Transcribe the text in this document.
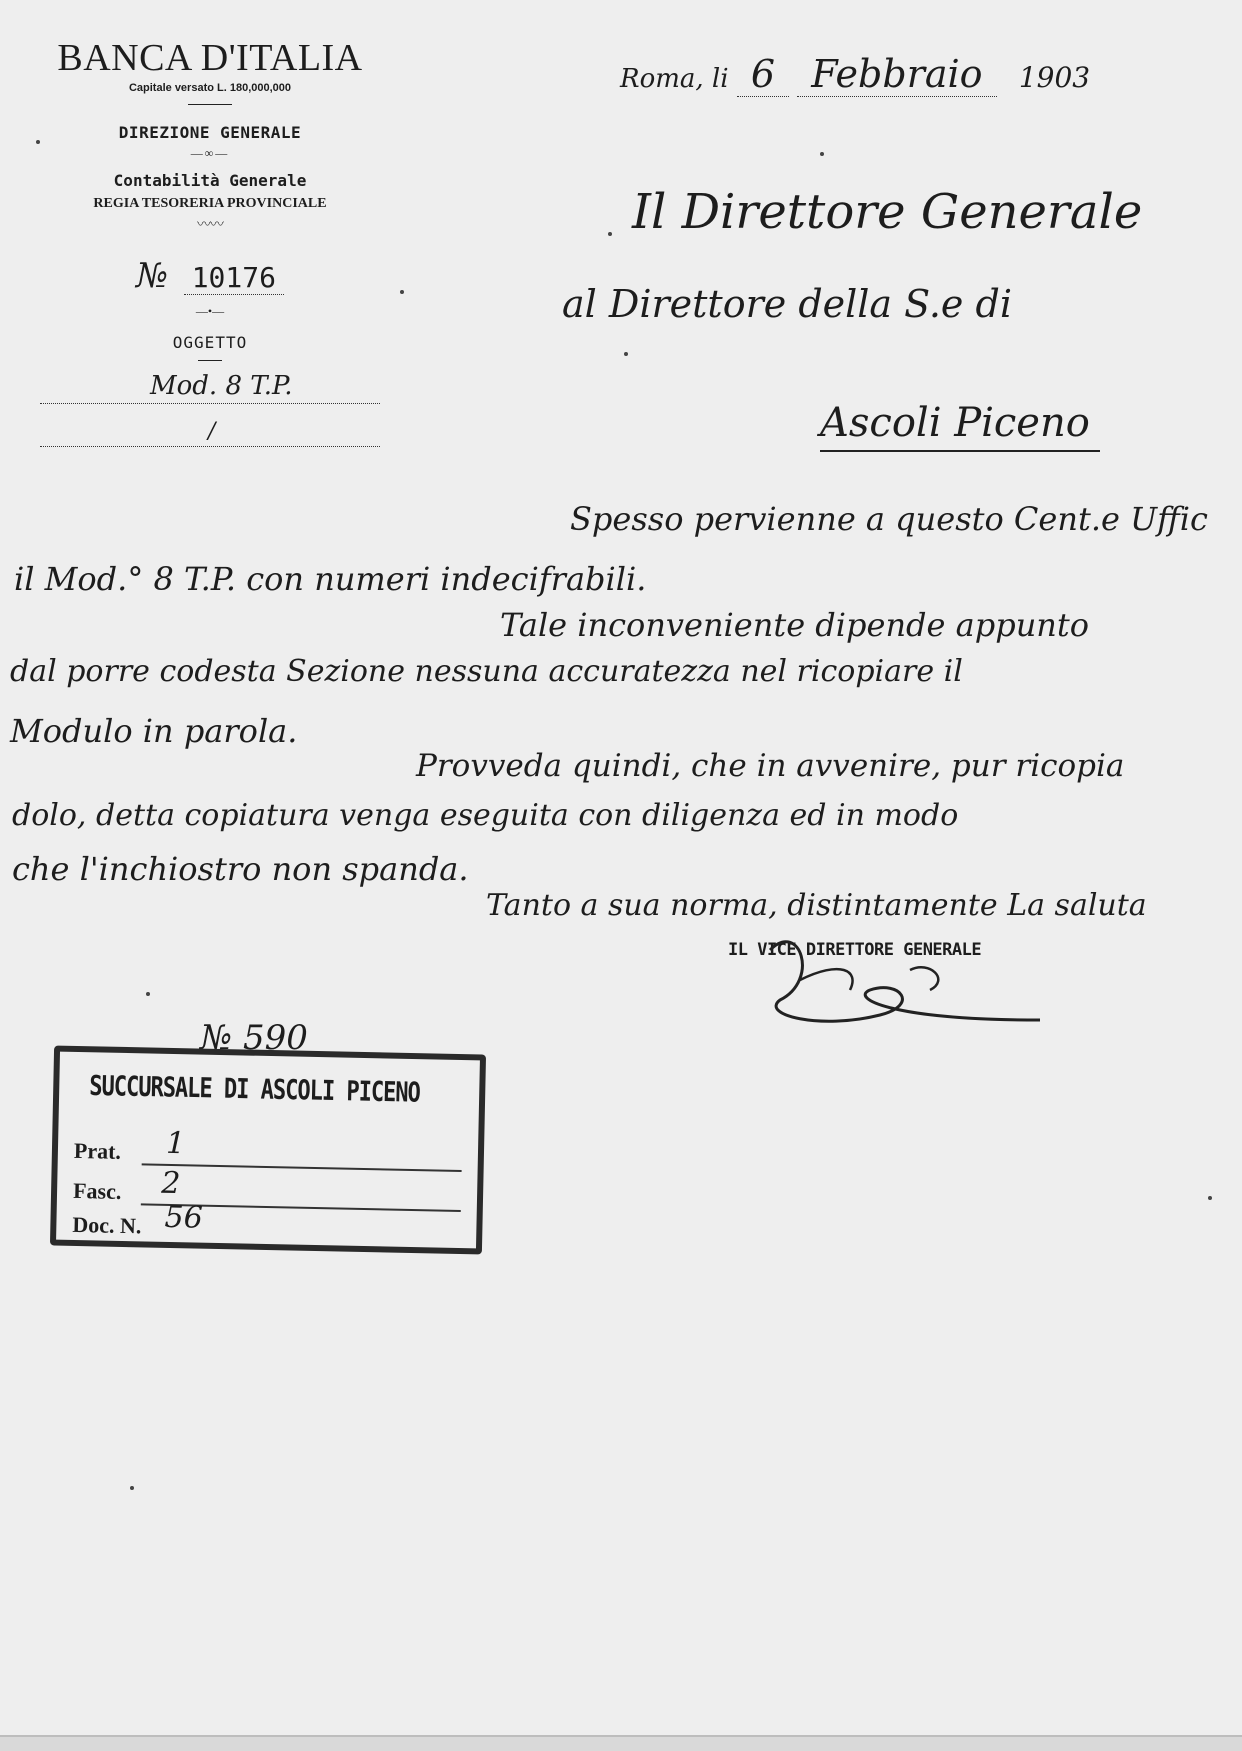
BANCA D'ITALIA
Capitale versato L. 180,000,000
DIREZIONE GENERALE
—∞—
Contabilità Generale
REGIA TESORERIA PROVINCIALE
〰〰
№ 10176
—•—
OGGETTO
Mod. 8 T.P.
/
Roma, li 6 Febbraio 1903
Il Direttore Generale
al Direttore della S.e di
Ascoli Piceno
Spesso pervienne a questo Cent.e Uffic
il Mod.° 8 T.P. con numeri indecifrabili.
Tale inconveniente dipende appunto
dal porre codesta Sezione nessuna accuratezza nel ricopiare il
Modulo in parola.
Provveda quindi, che in avvenire, pur ricopia
dolo, detta copiatura venga eseguita con diligenza ed in modo
che l'inchiostro non spanda.
Tanto a sua norma, distintamente La saluta
IL VICE DIRETTORE GENERALE
№ 590
SUCCURSALE DI ASCOLI PICENO
Prat. 1
Fasc. 2
Doc. N. 56
